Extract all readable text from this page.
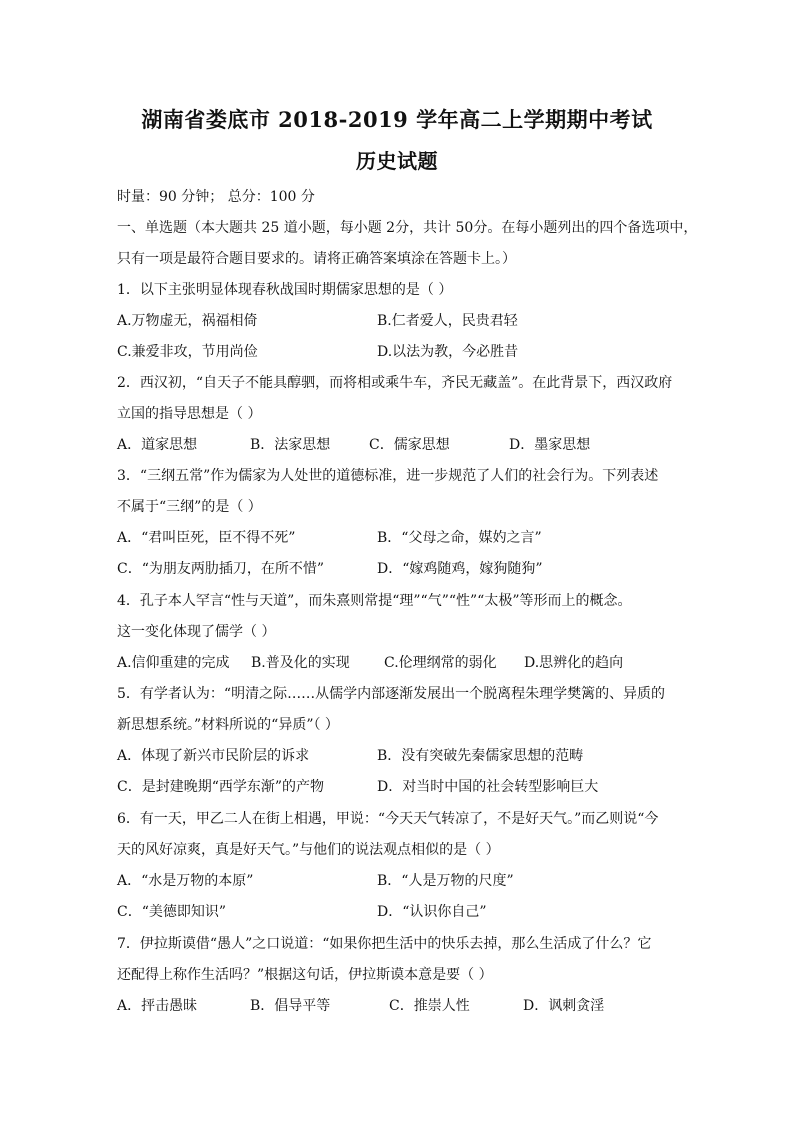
湖南省娄底市 2018-2019 学年高二上学期期中考试
历史试题
时量：90 分钟； 总分：100 分
一、单选题（本大题共 25 道小题，每小题 2分，共计 50分。在每小题列出的四个备选项中，
只有一项是最符合题目要求的。请将正确答案填涂在答题卡上。）
1．以下主张明显体现春秋战国时期儒家思想的是（ ）
A.万物虚无，祸福相倚	B.仁者爱人，民贵君轻
C.兼爱非攻，节用尚俭	D.以法为教，今必胜昔
2．西汉初，“自天子不能具醇驷，而将相或乘牛车，齐民无藏盖”。在此背景下，西汉政府
立国的指导思想是（ ）
A．道家思想	B．法家思想	C．儒家思想	D．墨家思想
3．“三纲五常”作为儒家为人处世的道德标准，进一步规范了人们的社会行为。下列表述
不属于“三纲”的是（ ）
A．“君叫臣死，臣不得不死”	B．“父母之命，媒妁之言”
C．“为朋友两肋插刀，在所不惜”	D．“嫁鸡随鸡，嫁狗随狗”
4．孔子本人罕言“性与天道”，而朱熹则常提“理”“气”“性”“太极”等形而上的概念。
这一变化体现了儒学（ ）
A.信仰重建的完成 B.普及化的实现 C.伦理纲常的弱化 D.思辨化的趋向
5．有学者认为：“明清之际……从儒学内部逐渐发展出一个脱离程朱理学樊篱的、异质的
新思想系统。”材料所说的“异质”（ ）
A．体现了新兴市民阶层的诉求	B．没有突破先秦儒家思想的范畴
C．是封建晚期“西学东渐”的产物	D．对当时中国的社会转型影响巨大
6．有一天，甲乙二人在街上相遇，甲说：“今天天气转凉了，不是好天气。”而乙则说“今
天的风好凉爽，真是好天气。”与他们的说法观点相似的是（ ）
A．“水是万物的本原”	B．“人是万物的尺度”
C．“美德即知识”	D．“认识你自己”
7．伊拉斯谟借“愚人”之口说道：“如果你把生活中的快乐去掉，那么生活成了什么？它
还配得上称作生活吗？”根据这句话，伊拉斯谟本意是要（ ）
A．抨击愚昧	B．倡导平等	C．推崇人性	D．讽刺贪淫
